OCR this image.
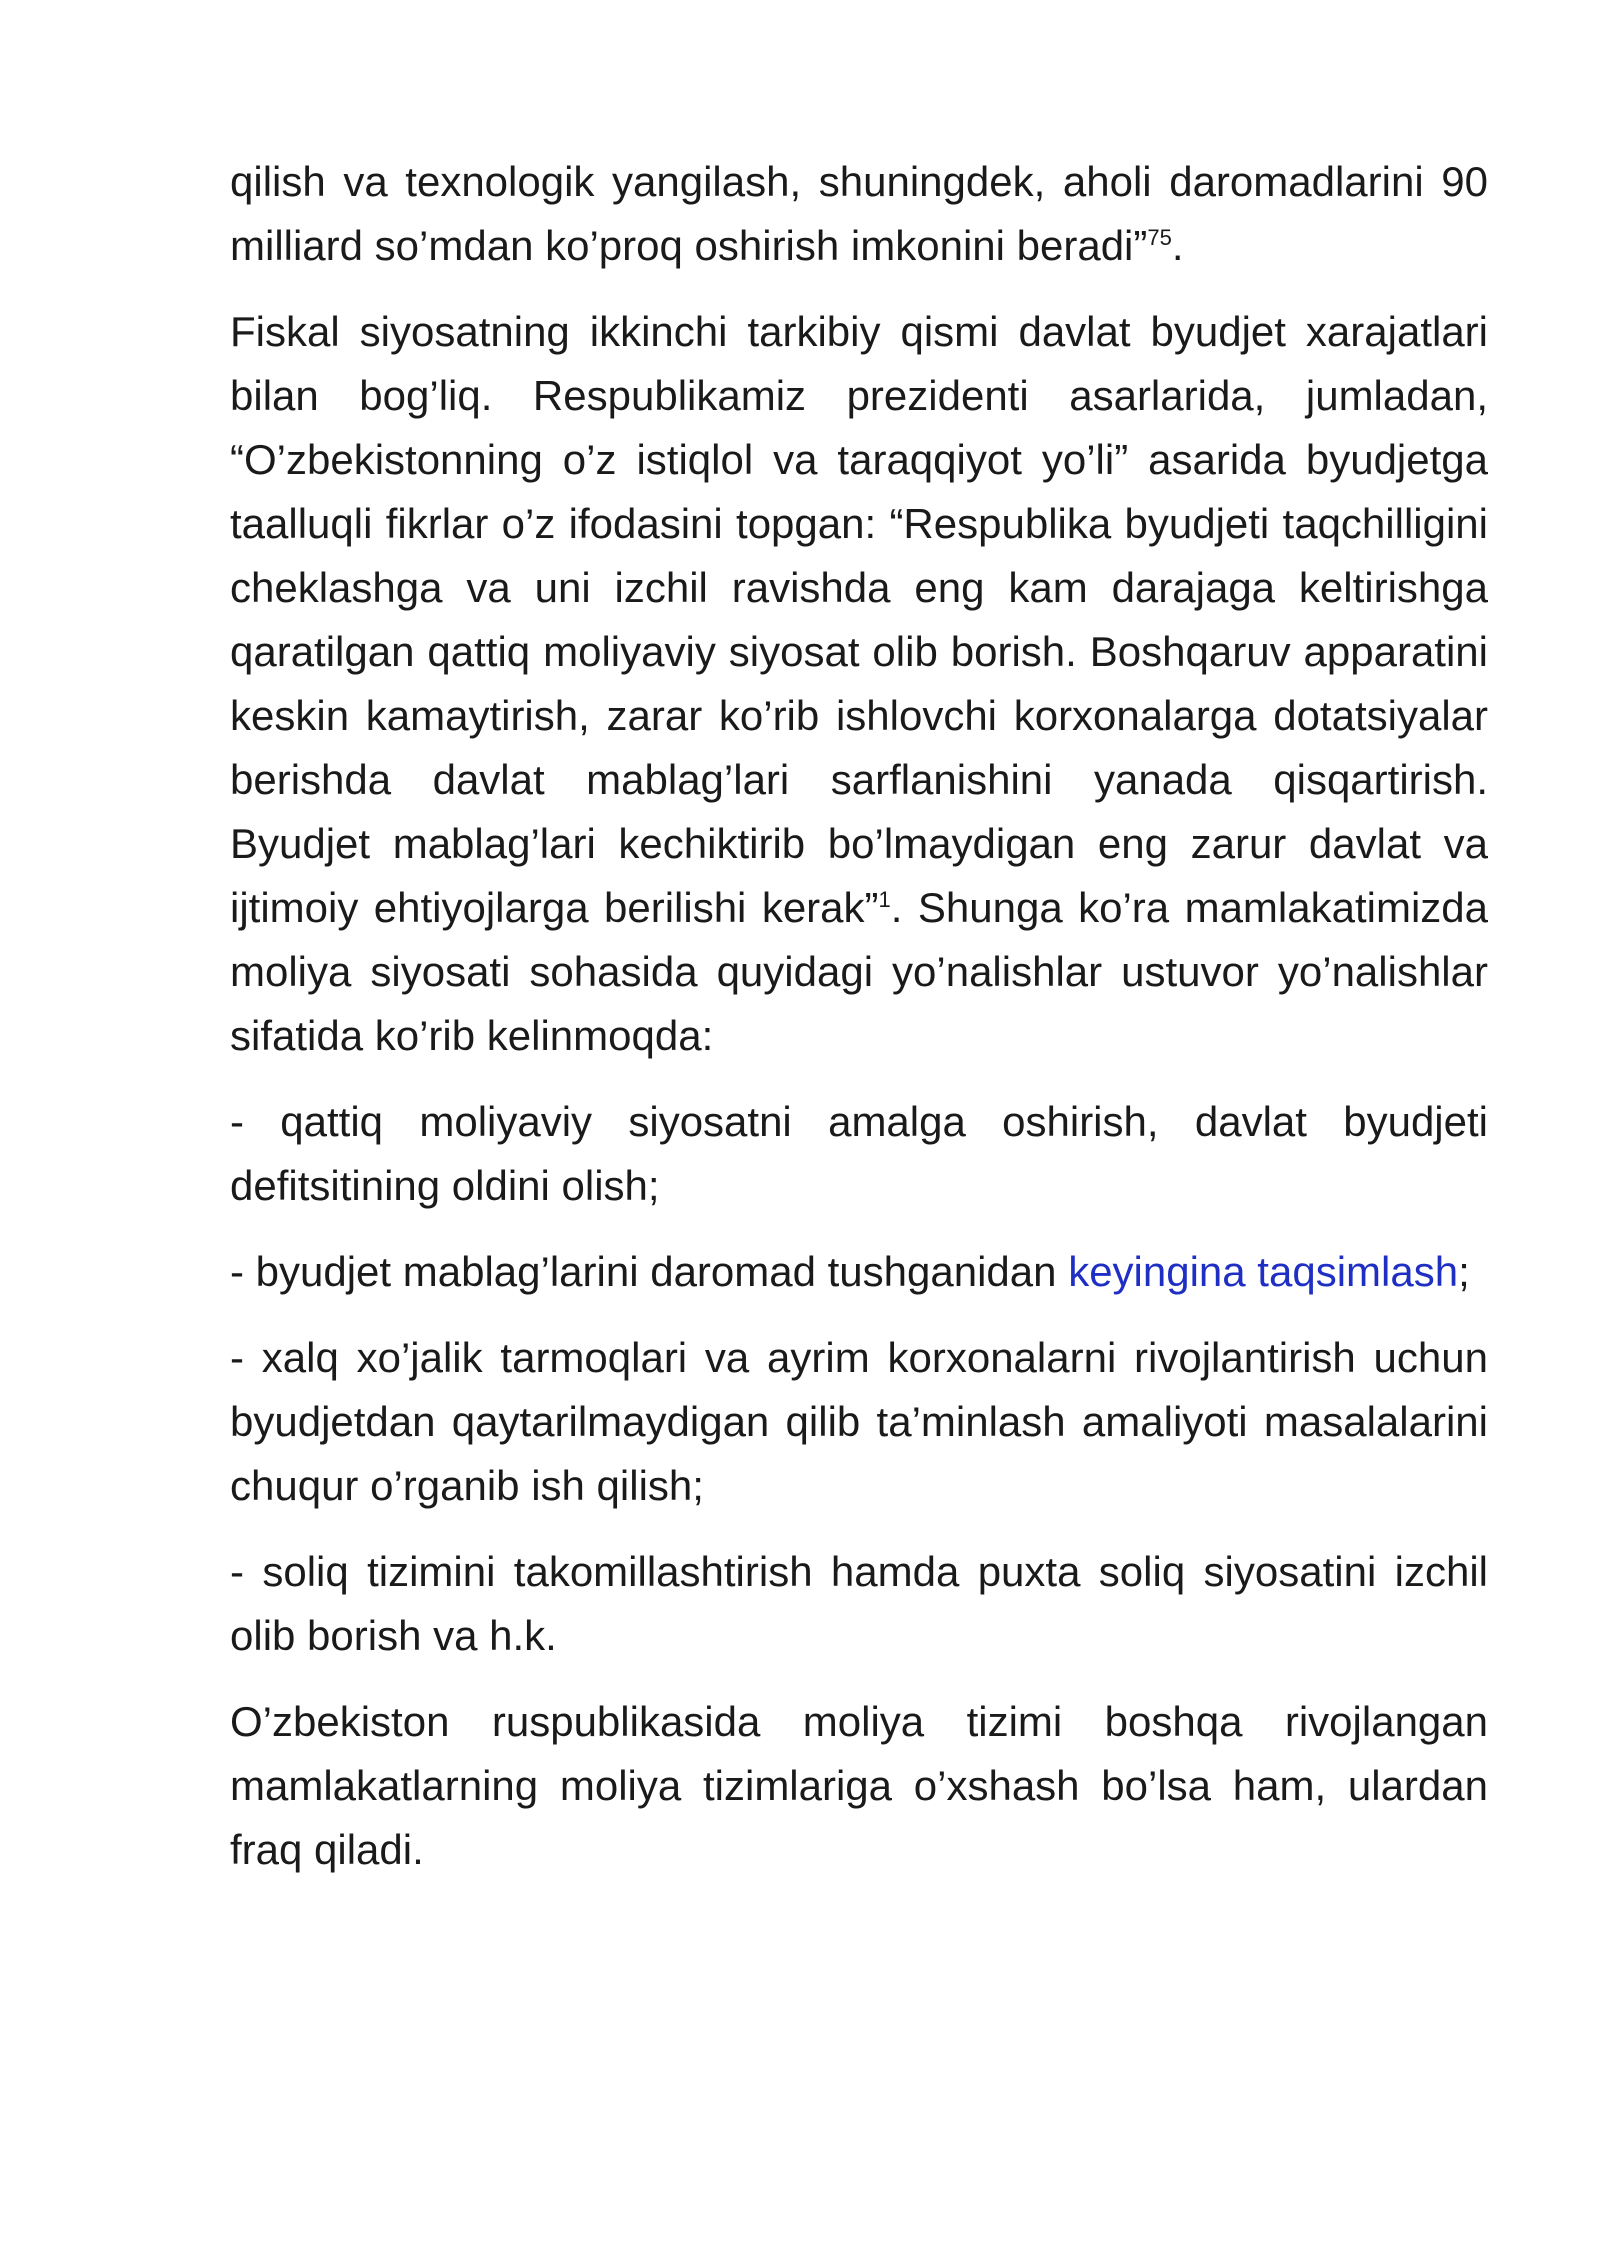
qilish va texnologik yangilash, shuningdek, aholi daromadlarini 90 milliard so’mdan ko’proq oshirish imkonini beradi”$^{75}$.

Fiskal siyosatning ikkinchi tarkibiy qismi davlat byudjet xarajatlari bilan bog’liq. Respublikamiz prezidenti asarlarida, jumladan, “O’zbekistonning o’z istiqlol va taraqqiyot yo’li” asarida byudjetga taalluqli fikrlar o’z ifodasini topgan: “Respublika byudjeti taqchilligini cheklashga va uni izchil ravishda eng kam darajaga keltirishga qaratilgan qattiq moliyaviy siyosat olib borish. Boshqaruv apparatini keskin kamaytirish, zarar ko’rib ishlovchi korxonalarga dotatsiyalar berishda davlat mablag’lari sarflanishini yanada qisqartirish. Byudjet mablag’lari kechiktirib bo’lmaydigan eng zarur davlat va ijtimoiy ehtiyojlarga berilishi kerak”$^1$. Shunga ko’ra mamlakatimizda moliya siyosati sohasida quyidagi yo’nalishlar ustuvor yo’nalishlar sifatida ko’rib kelinmoqda:

- qattiq moliyaviy siyosatni amalga oshirish, davlat byudjeti defitsitining oldini olish;

- byudjet mablag’larini daromad tushganidan keyingina taqsimlash;

- xalq xo’jalik tarmoqlari va ayrim korxonalarni rivojlantirish uchun byudjetdan qaytarilmaydigan qilib ta’minlash amaliyoti masalalarini chuqur o’rganib ish qilish;

- soliq tizimini takomillashtirish hamda puxta soliq siyosatini izchil olib borish va h.k.

O’zbekiston ruspublikasida moliya tizimi boshqa rivojlangan mamlakatlarning moliya tizimlariga o’xshash bo’lsa ham, ulardan fraq qiladi.
